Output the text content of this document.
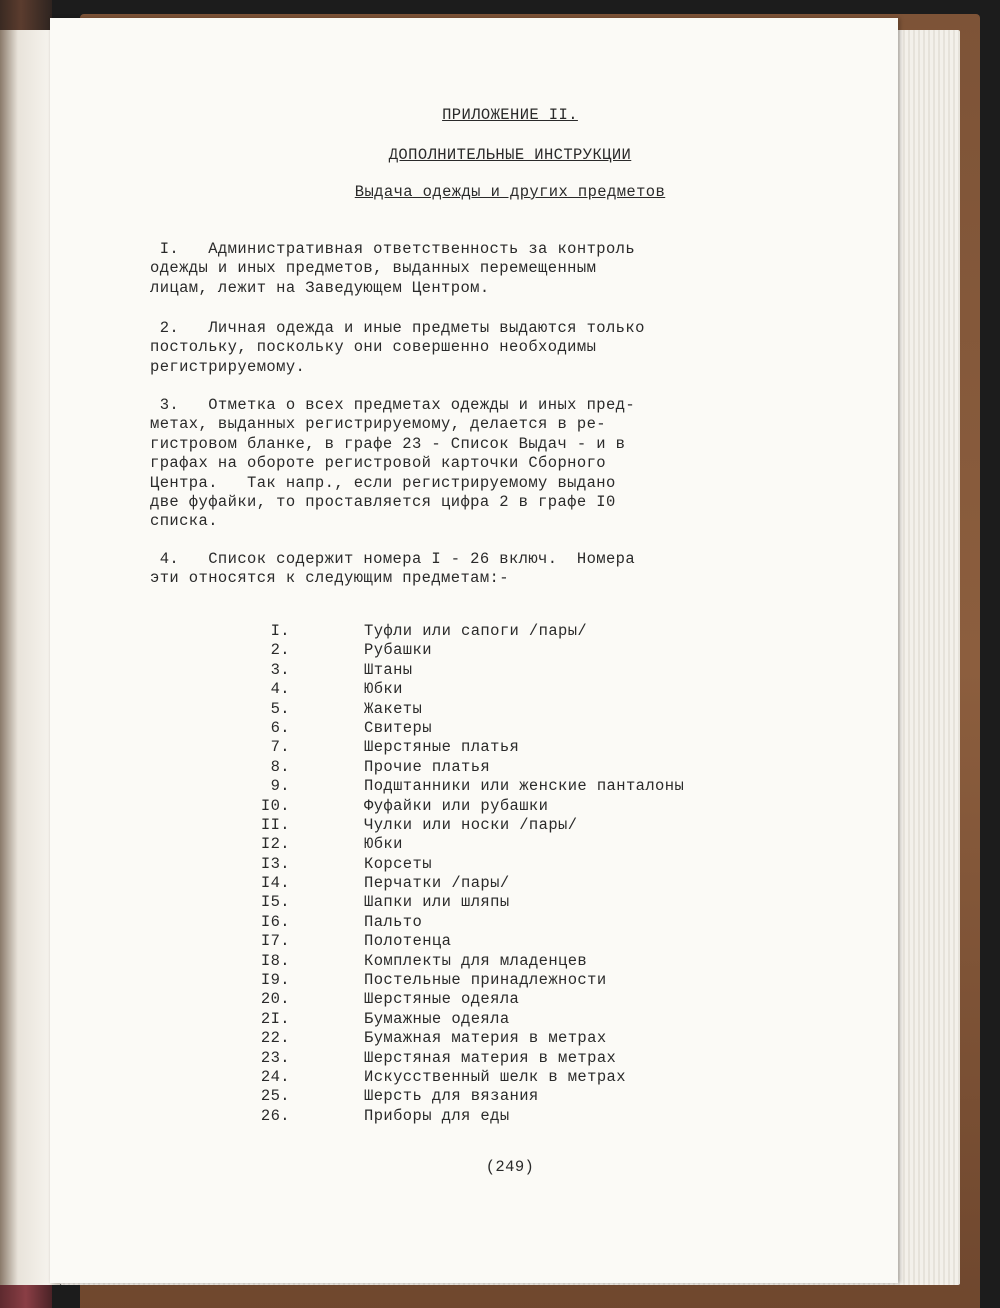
ПРИЛОЖЕНИЕ II.
ДОПОЛНИТЕЛЬНЫЕ ИНСТРУКЦИИ
Выдача одежды и других предметов
I.   Административная ответственность за контроль
одежды и иных предметов, выданных перемещенным
лицам, лежит на Заведующем Центром.
2.   Личная одежда и иные предметы выдаются только
постольку, поскольку они совершенно необходимы
регистрируемому.
3.   Отметка о всех предметах одежды и иных пред-
метах, выданных регистрируемому, делается в ре-
гистровом бланке, в графе 23 - Список Выдач - и в
графах на обороте регистровой карточки Сборного
Центра.   Так напр., если регистрируемому выдано
две фуфайки, то проставляется цифра 2 в графе I0
списка.
4.   Список содержит номера I - 26 включ.  Номера
эти относятся к следующим предметам:-
I.	Туфли или сапоги /пары/
2.	Рубашки
3.	Штаны
4.	Юбки
5.	Жакеты
6.	Свитеры
7.	Шерстяные платья
8.	Прочие платья
9.	Подштанники или женские панталоны
I0.	Фуфайки или рубашки
II.	Чулки или носки /пары/
I2.	Юбки
I3.	Корсеты
I4.	Перчатки /пары/
I5.	Шапки или шляпы
I6.	Пальто
I7.	Полотенца
I8.	Комплекты для младенцев
I9.	Постельные принадлежности
20.	Шерстяные одеяла
2I.	Бумажные одеяла
22.	Бумажная материя в метрах
23.	Шерстяная материя в метрах
24.	Искусственный шелк в метрах
25.	Шерсть для вязания
26.	Приборы для еды
(249)
